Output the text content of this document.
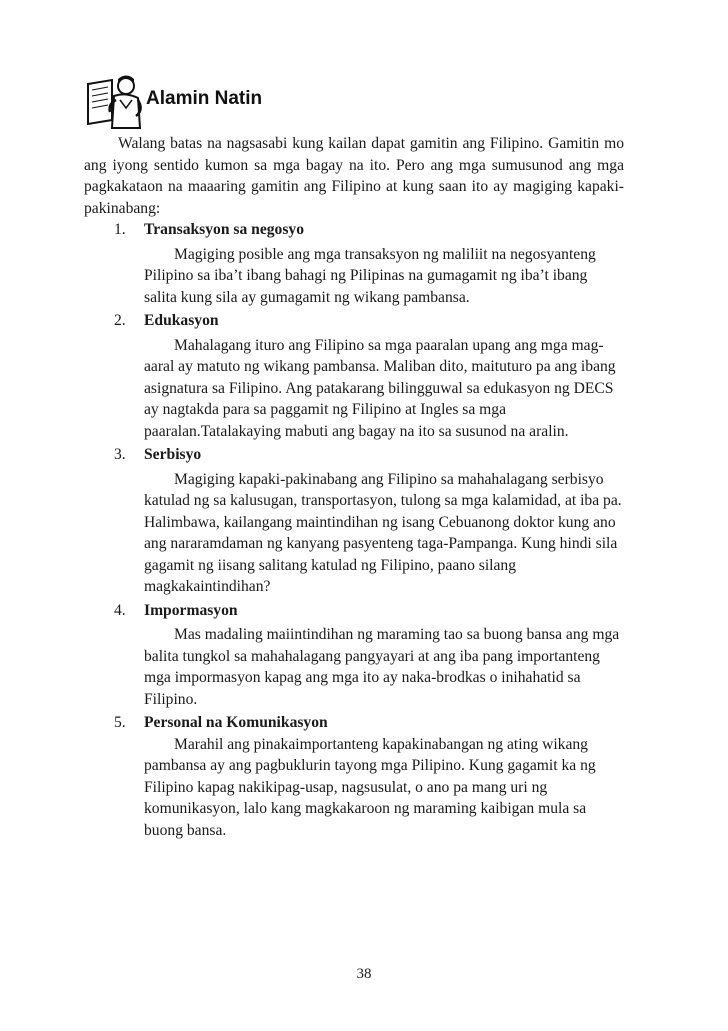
Alamin Natin

Walang batas na nagsasabi kung kailan dapat gamitin ang Filipino. Gamitin mo ang iyong sentido kumon sa mga bagay na ito. Pero ang mga sumusunod ang mga pagkakataon na maaaring gamitin ang Filipino at kung saan ito ay magiging kapaki-pakinabang:

1. Transaksyon sa negosyo

Magiging posible ang mga transaksyon ng maliliit na negosyanteng Pilipino sa iba’t ibang bahagi ng Pilipinas na gumagamit ng iba’t ibang salita kung sila ay gumagamit ng wikang pambansa.

2. Edukasyon

Mahalagang ituro ang Filipino sa mga paaralan upang ang mga mag-aaral ay matuto ng wikang pambansa. Maliban dito, maituturo pa ang ibang asignatura sa Filipino. Ang patakarang bilingguwal sa edukasyon ng DECS ay nagtakda para sa paggamit ng Filipino at Ingles sa mga paaralan.Tatalakaying mabuti ang bagay na ito sa susunod na aralin.

3. Serbisyo

Magiging kapaki-pakinabang ang Filipino sa mahahalagang serbisyo katulad ng sa kalusugan, transportasyon, tulong sa mga kalamidad, at iba pa. Halimbawa, kailangang maintindihan ng isang Cebuanong doktor kung ano ang nararamdaman ng kanyang pasyenteng taga-Pampanga. Kung hindi sila gagamit ng iisang salitang katulad ng Filipino, paano silang magkakaintindihan?

4. Impormasyon

Mas madaling maiintindihan ng maraming tao sa buong bansa ang mga balita tungkol sa mahahalagang pangyayari at ang iba pang importanteng mga impormasyon kapag ang mga ito ay naka-brodkas o inihahatid sa Filipino.

5. Personal na Komunikasyon

Marahil ang pinakaimportanteng kapakinabangan ng ating wikang pambansa ay ang pagbuklurin tayong mga Pilipino. Kung gagamit ka ng Filipino kapag nakikipag-usap, nagsusulat, o ano pa mang uri ng komunikasyon, lalo kang magkakaroon ng maraming kaibigan mula sa buong bansa.

38
